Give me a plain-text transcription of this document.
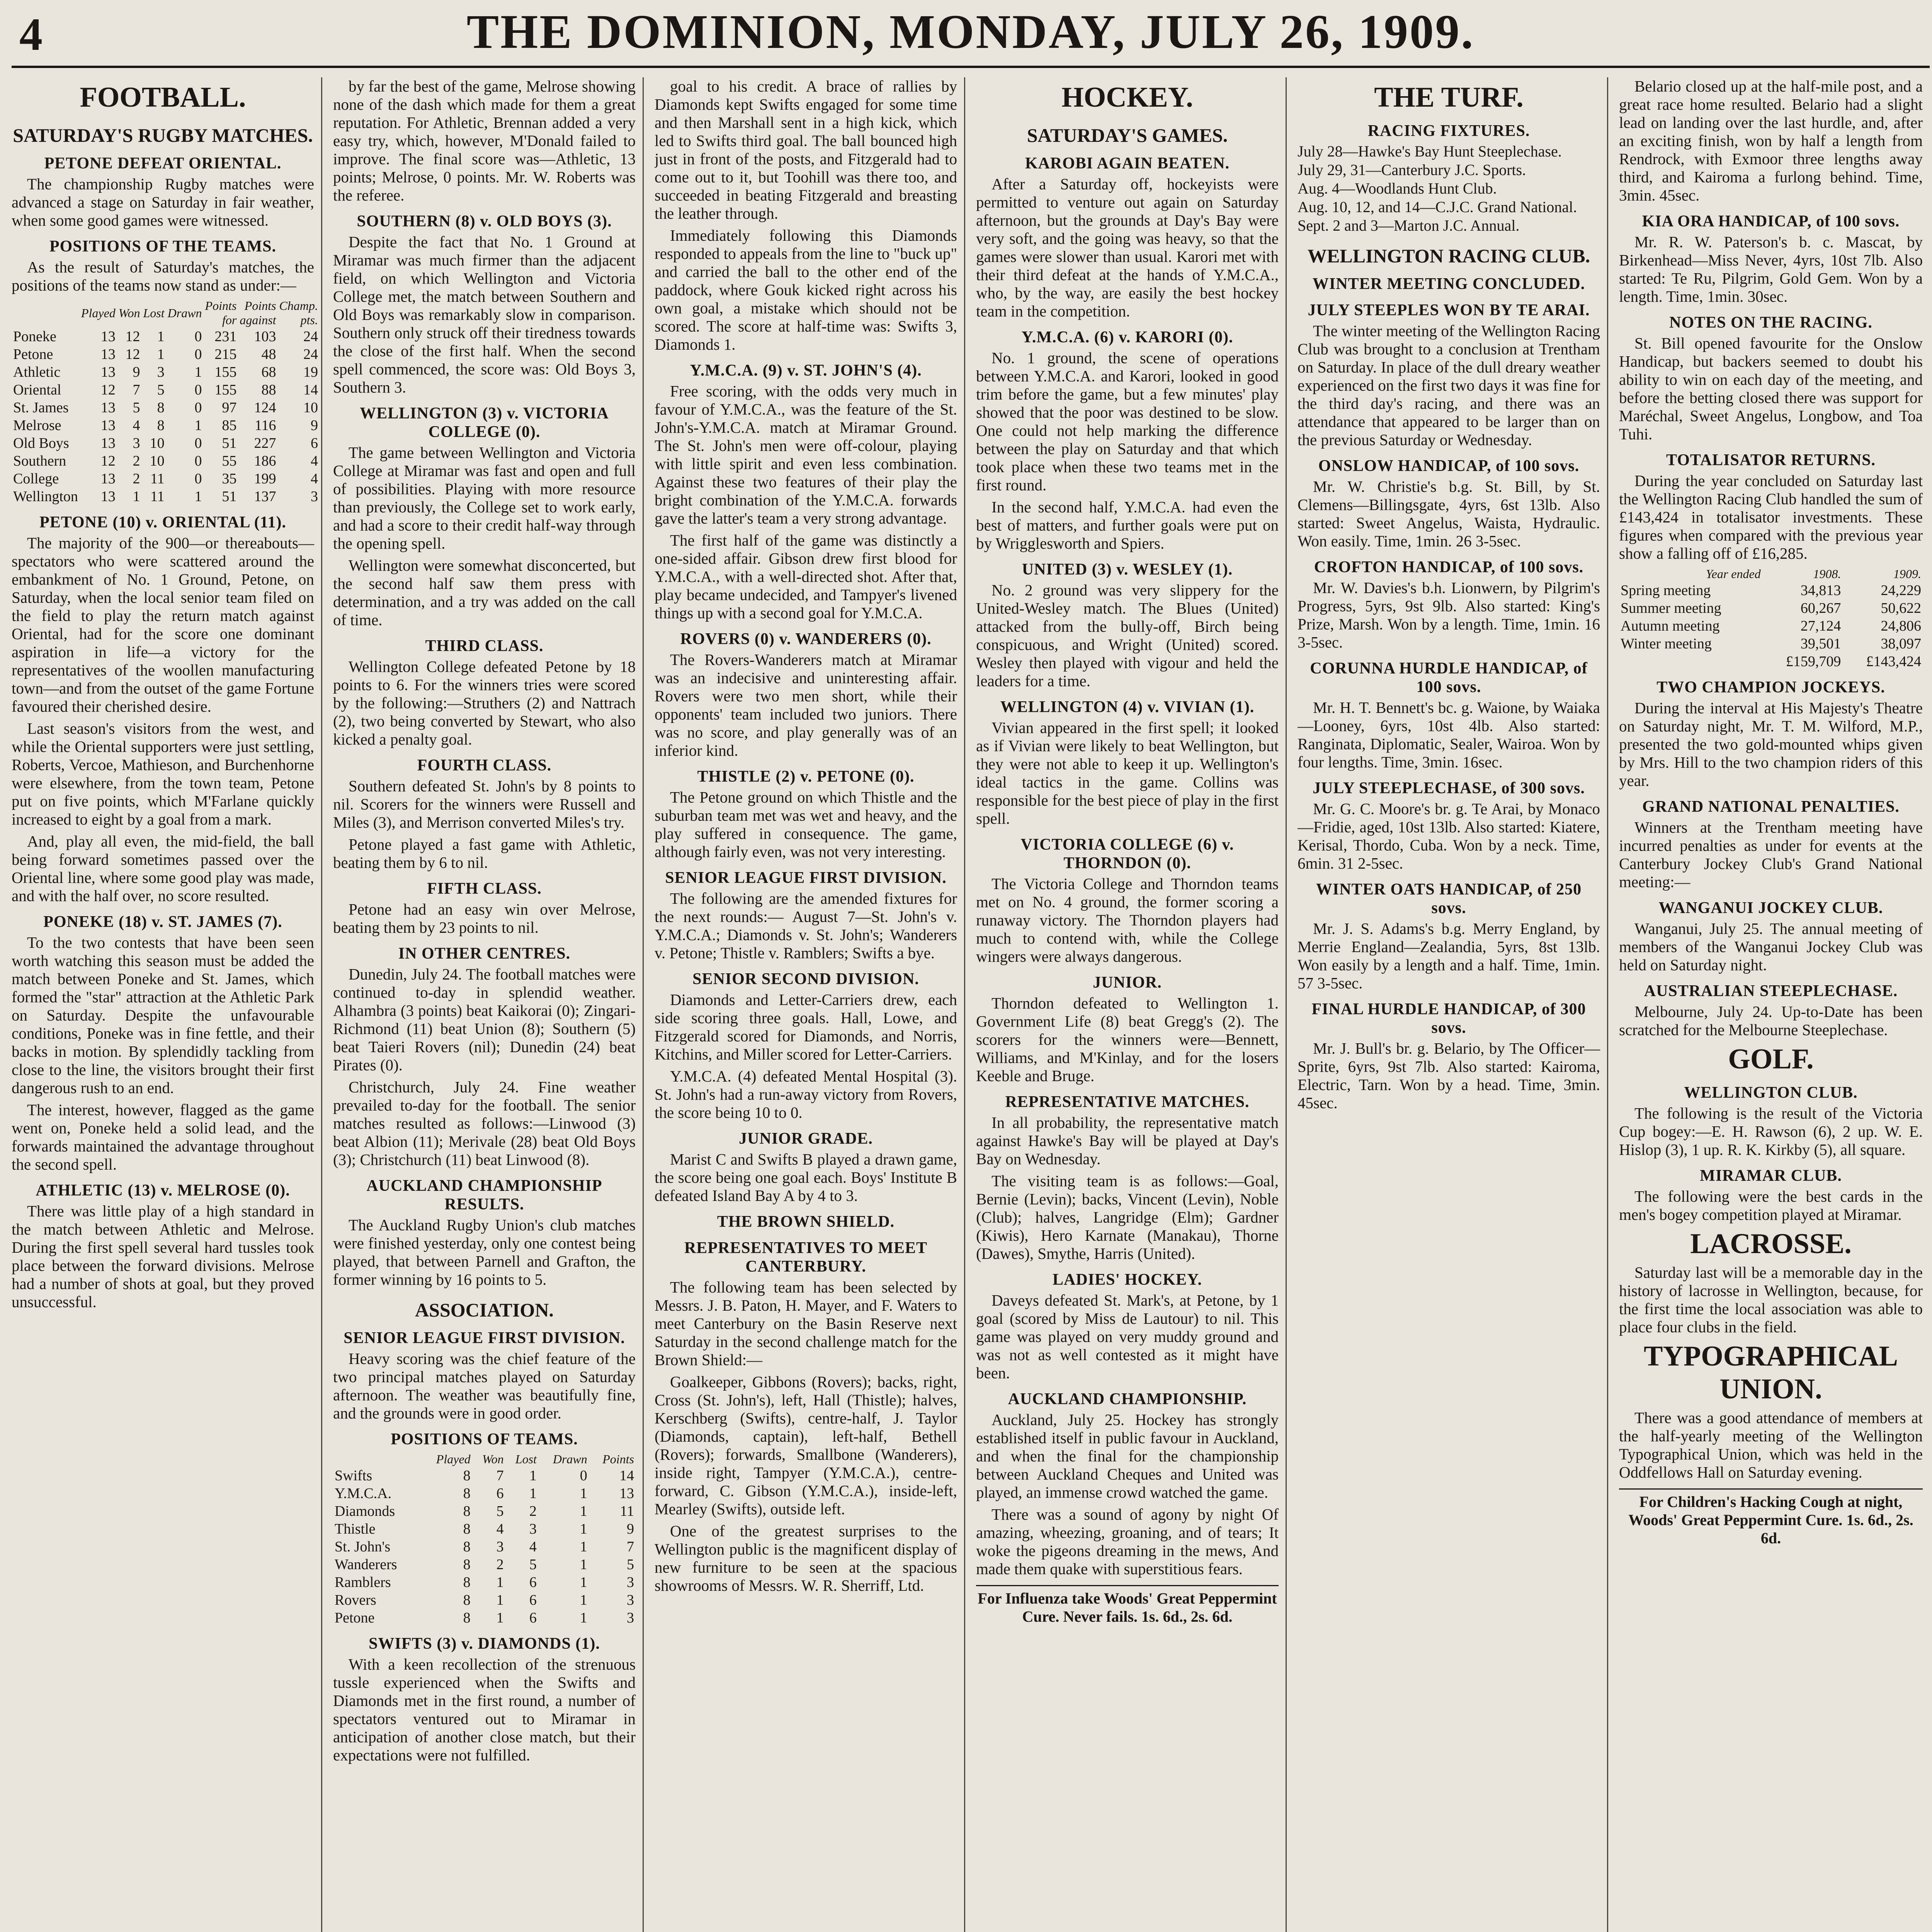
4	THE DOMINION, MONDAY, JULY 26, 1909.
FOOTBALL.
SATURDAY'S RUGBY MATCHES.
PETONE DEFEAT ORIENTAL.

The championship Rugby matches were advanced a stage on Saturday in fair weather, when some good games were witnessed.

POSITIONS OF THE TEAMS.

As the result of Saturday's matches, the positions of the teams now stand as under:—

	Played	Won	Lost	Drawn	Points for	Points against	Champ. pts.
Poneke	13	12	1	0	231	103	24
Petone	13	12	1	0	215	48	24
Athletic	13	9	3	1	155	68	19
Oriental	12	7	5	0	155	88	14
St. James	13	5	8	0	97	124	10
Melrose	13	4	8	1	85	116	9
Old Boys	13	3	10	0	51	227	6
Southern	12	2	10	0	55	186	4
College	13	2	11	0	35	199	4
Wellington	13	1	11	1	51	137	3
PETONE (10) v. ORIENTAL (11).

The majority of the 900—or thereabouts—spectators who were scattered around the embankment of No. 1 Ground, Petone, on Saturday, when the local senior team filed on the field to play the return match against Oriental, had for the score one dominant aspiration in life—a victory for the representatives of the woollen manufacturing town—and from the outset of the game Fortune favoured their cherished desire.

Last season's visitors from the west, and while the Oriental supporters were just settling, Roberts, Vercoe, Mathieson, and Burchenhorne were elsewhere, from the town team, Petone put on five points, which M'Farlane quickly increased to eight by a goal from a mark.

And, play all even, the mid-field, the ball being forward sometimes passed over the Oriental line, where some good play was made, and with the half over, no score resulted.

PONEKE (18) v. ST. JAMES (7).

To the two contests that have been seen worth watching this season must be added the match between Poneke and St. James, which formed the "star" attraction at the Athletic Park on Saturday. Despite the unfavourable conditions, Poneke was in fine fettle, and their backs in motion. By splendidly tackling from close to the line, the visitors brought their first dangerous rush to an end.

The interest, however, flagged as the game went on, Poneke held a solid lead, and the forwards maintained the advantage throughout the second spell.

ATHLETIC (13) v. MELROSE (0).

There was little play of a high standard in the match between Athletic and Melrose. During the first spell several hard tussles took place between the forward divisions. Melrose had a number of shots at goal, but they proved unsuccessful.

by far the best of the game, Melrose showing none of the dash which made for them a great reputation. For Athletic, Brennan added a very easy try, which, however, M'Donald failed to improve. The final score was—Athletic, 13 points; Melrose, 0 points. Mr. W. Roberts was the referee.

SOUTHERN (8) v. OLD BOYS (3).

Despite the fact that No. 1 Ground at Miramar was much firmer than the adjacent field, on which Wellington and Victoria College met, the match between Southern and Old Boys was remarkably slow in comparison. Southern only struck off their tiredness towards the close of the first half. When the second spell commenced, the score was: Old Boys 3, Southern 3.

WELLINGTON (3) v. VICTORIA COLLEGE (0).

The game between Wellington and Victoria College at Miramar was fast and open and full of possibilities. Playing with more resource than previously, the College set to work early, and had a score to their credit half-way through the opening spell.

Wellington were somewhat disconcerted, but the second half saw them press with determination, and a try was added on the call of time.

THIRD CLASS.

Wellington College defeated Petone by 18 points to 6. For the winners tries were scored by the following:—Struthers (2) and Nattrach (2), two being converted by Stewart, who also kicked a penalty goal.

FOURTH CLASS.

Southern defeated St. John's by 8 points to nil. Scorers for the winners were Russell and Miles (3), and Merrison converted Miles's try.

Petone played a fast game with Athletic, beating them by 6 to nil.

FIFTH CLASS.

Petone had an easy win over Melrose, beating them by 23 points to nil.

IN OTHER CENTRES.

Dunedin, July 24. The football matches were continued to-day in splendid weather. Alhambra (3 points) beat Kaikorai (0); Zingari-Richmond (11) beat Union (8); Southern (5) beat Taieri Rovers (nil); Dunedin (24) beat Pirates (0).

Christchurch, July 24. Fine weather prevailed to-day for the football. The senior matches resulted as follows:—Linwood (3) beat Albion (11); Merivale (28) beat Old Boys (3); Christchurch (11) beat Linwood (8).

AUCKLAND CHAMPIONSHIP RESULTS.

The Auckland Rugby Union's club matches were finished yesterday, only one contest being played, that between Parnell and Grafton, the former winning by 16 points to 5.

ASSOCIATION.
SENIOR LEAGUE FIRST DIVISION.

Heavy scoring was the chief feature of the two principal matches played on Saturday afternoon. The weather was beautifully fine, and the grounds were in good order.

POSITIONS OF TEAMS.
	Played	Won	Lost	Drawn	Points
Swifts	8	7	1	0	14
Y.M.C.A.	8	6	1	1	13
Diamonds	8	5	2	1	11
Thistle	8	4	3	1	9
St. John's	8	3	4	1	7
Wanderers	8	2	5	1	5
Ramblers	8	1	6	1	3
Rovers	8	1	6	1	3
Petone	8	1	6	1	3
SWIFTS (3) v. DIAMONDS (1).

With a keen recollection of the strenuous tussle experienced when the Swifts and Diamonds met in the first round, a number of spectators ventured out to Miramar in anticipation of another close match, but their expectations were not fulfilled.

goal to his credit. A brace of rallies by Diamonds kept Swifts engaged for some time and then Marshall sent in a high kick, which led to Swifts third goal. The ball bounced high just in front of the posts, and Fitzgerald had to come out to it, but Toohill was there too, and succeeded in beating Fitzgerald and breasting the leather through.

Immediately following this Diamonds responded to appeals from the line to "buck up" and carried the ball to the other end of the paddock, where Gouk kicked right across his own goal, a mistake which should not be scored. The score at half-time was: Swifts 3, Diamonds 1.

Y.M.C.A. (9) v. ST. JOHN'S (4).

Free scoring, with the odds very much in favour of Y.M.C.A., was the feature of the St. John's-Y.M.C.A. match at Miramar Ground. The St. John's men were off-colour, playing with little spirit and even less combination. Against these two features of their play the bright combination of the Y.M.C.A. forwards gave the latter's team a very strong advantage.

The first half of the game was distinctly a one-sided affair. Gibson drew first blood for Y.M.C.A., with a well-directed shot. After that, play became undecided, and Tampyer's livened things up with a second goal for Y.M.C.A.

ROVERS (0) v. WANDERERS (0).

The Rovers-Wanderers match at Miramar was an indecisive and uninteresting affair. Rovers were two men short, while their opponents' team included two juniors. There was no score, and play generally was of an inferior kind.

THISTLE (2) v. PETONE (0).

The Petone ground on which Thistle and the suburban team met was wet and heavy, and the play suffered in consequence. The game, although fairly even, was not very interesting.

SENIOR LEAGUE FIRST DIVISION.

The following are the amended fixtures for the next rounds:— August 7—St. John's v. Y.M.C.A.; Diamonds v. St. John's; Wanderers v. Petone; Thistle v. Ramblers; Swifts a bye.

SENIOR SECOND DIVISION.

Diamonds and Letter-Carriers drew, each side scoring three goals. Hall, Lowe, and Fitzgerald scored for Diamonds, and Norris, Kitchins, and Miller scored for Letter-Carriers.

Y.M.C.A. (4) defeated Mental Hospital (3). St. John's had a run-away victory from Rovers, the score being 10 to 0.

JUNIOR GRADE.

Marist C and Swifts B played a drawn game, the score being one goal each. Boys' Institute B defeated Island Bay A by 4 to 3.

THE BROWN SHIELD.
REPRESENTATIVES TO MEET CANTERBURY.

The following team has been selected by Messrs. J. B. Paton, H. Mayer, and F. Waters to meet Canterbury on the Basin Reserve next Saturday in the second challenge match for the Brown Shield:—

Goalkeeper, Gibbons (Rovers); backs, right, Cross (St. John's), left, Hall (Thistle); halves, Kerschberg (Swifts), centre-half, J. Taylor (Diamonds, captain), left-half, Bethell (Rovers); forwards, Smallbone (Wanderers), inside right, Tampyer (Y.M.C.A.), centre-forward, C. Gibson (Y.M.C.A.), inside-left, Mearley (Swifts), outside left.

One of the greatest surprises to the Wellington public is the magnificent display of new furniture to be seen at the spacious showrooms of Messrs. W. R. Sherriff, Ltd.

HOCKEY.
SATURDAY'S GAMES.
KAROBI AGAIN BEATEN.

After a Saturday off, hockeyists were permitted to venture out again on Saturday afternoon, but the grounds at Day's Bay were very soft, and the going was heavy, so that the games were slower than usual. Karori met with their third defeat at the hands of Y.M.C.A., who, by the way, are easily the best hockey team in the competition.

Y.M.C.A. (6) v. KARORI (0).

No. 1 ground, the scene of operations between Y.M.C.A. and Karori, looked in good trim before the game, but a few minutes' play showed that the poor was destined to be slow. One could not help marking the difference between the play on Saturday and that which took place when these two teams met in the first round.

In the second half, Y.M.C.A. had even the best of matters, and further goals were put on by Wrigglesworth and Spiers.

UNITED (3) v. WESLEY (1).

No. 2 ground was very slippery for the United-Wesley match. The Blues (United) attacked from the bully-off, Birch being conspicuous, and Wright (United) scored. Wesley then played with vigour and held the leaders for a time.

WELLINGTON (4) v. VIVIAN (1).

Vivian appeared in the first spell; it looked as if Vivian were likely to beat Wellington, but they were not able to keep it up. Wellington's ideal tactics in the game. Collins was responsible for the best piece of play in the first spell.

VICTORIA COLLEGE (6) v. THORNDON (0).

The Victoria College and Thorndon teams met on No. 4 ground, the former scoring a runaway victory. The Thorndon players had much to contend with, while the College wingers were always dangerous.

JUNIOR.

Thorndon defeated to Wellington 1. Government Life (8) beat Gregg's (2). The scorers for the winners were—Bennett, Williams, and M'Kinlay, and for the losers Keeble and Bruge.

REPRESENTATIVE MATCHES.

In all probability, the representative match against Hawke's Bay will be played at Day's Bay on Wednesday.

The visiting team is as follows:—Goal, Bernie (Levin); backs, Vincent (Levin), Noble (Club); halves, Langridge (Elm); Gardner (Kiwis), Hero Karnate (Manakau), Thorne (Dawes), Smythe, Harris (United).

LADIES' HOCKEY.

Daveys defeated St. Mark's, at Petone, by 1 goal (scored by Miss de Lautour) to nil. This game was played on very muddy ground and was not as well contested as it might have been.

AUCKLAND CHAMPIONSHIP.

Auckland, July 25. Hockey has strongly established itself in public favour in Auckland, and when the final for the championship between Auckland Cheques and United was played, an immense crowd watched the game.

There was a sound of agony by night Of amazing, wheezing, groaning, and of tears; It woke the pigeons dreaming in the mews, And made them quake with superstitious fears.

For Influenza take Woods' Great Peppermint Cure. Never fails. 1s. 6d., 2s. 6d.
THE TURF.
RACING FIXTURES.
July 28—Hawke's Bay Hunt Steeplechase.
July 29, 31—Canterbury J.C. Sports.
Aug. 4—Woodlands Hunt Club.
Aug. 10, 12, and 14—C.J.C. Grand National.
Sept. 2 and 3—Marton J.C. Annual.
WELLINGTON RACING CLUB.
WINTER MEETING CONCLUDED.
JULY STEEPLES WON BY TE ARAI.

The winter meeting of the Wellington Racing Club was brought to a conclusion at Trentham on Saturday. In place of the dull dreary weather experienced on the first two days it was fine for the third day's racing, and there was an attendance that appeared to be larger than on the previous Saturday or Wednesday.

ONSLOW HANDICAP, of 100 sovs.

Mr. W. Christie's b.g. St. Bill, by St. Clemens—Billingsgate, 4yrs, 6st 13lb. Also started: Sweet Angelus, Waista, Hydraulic. Won easily. Time, 1min. 26 3-5sec.

CROFTON HANDICAP, of 100 sovs.

Mr. W. Davies's b.h. Lionwern, by Pilgrim's Progress, 5yrs, 9st 9lb. Also started: King's Prize, Marsh. Won by a length. Time, 1min. 16 3-5sec.

CORUNNA HURDLE HANDICAP, of 100 sovs.

Mr. H. T. Bennett's bc. g. Waione, by Waiaka—Looney, 6yrs, 10st 4lb. Also started: Ranginata, Diplomatic, Sealer, Wairoa. Won by four lengths. Time, 3min. 16sec.

JULY STEEPLECHASE, of 300 sovs.

Mr. G. C. Moore's br. g. Te Arai, by Monaco—Fridie, aged, 10st 13lb. Also started: Kiatere, Kerisal, Thordo, Cuba. Won by a neck. Time, 6min. 31 2-5sec.

WINTER OATS HANDICAP, of 250 sovs.

Mr. J. S. Adams's b.g. Merry England, by Merrie England—Zealandia, 5yrs, 8st 13lb. Won easily by a length and a half. Time, 1min. 57 3-5sec.

FINAL HURDLE HANDICAP, of 300 sovs.

Mr. J. Bull's br. g. Belario, by The Officer—Sprite, 6yrs, 9st 7lb. Also started: Kairoma, Electric, Tarn. Won by a head. Time, 3min. 45sec.

Belario closed up at the half-mile post, and a great race home resulted. Belario had a slight lead on landing over the last hurdle, and, after an exciting finish, won by half a length from Rendrock, with Exmoor three lengths away third, and Kairoma a furlong behind. Time, 3min. 45sec.

KIA ORA HANDICAP, of 100 sovs.

Mr. R. W. Paterson's b. c. Mascat, by Birkenhead—Miss Never, 4yrs, 10st 7lb. Also started: Te Ru, Pilgrim, Gold Gem. Won by a length. Time, 1min. 30sec.

NOTES ON THE RACING.

St. Bill opened favourite for the Onslow Handicap, but backers seemed to doubt his ability to win on each day of the meeting, and before the betting closed there was support for Maréchal, Sweet Angelus, Longbow, and Toa Tuhi.

TOTALISATOR RETURNS.

During the year concluded on Saturday last the Wellington Racing Club handled the sum of £143,424 in totalisator investments. These figures when compared with the previous year show a falling off of £16,285.

Year ended	1908.	1909.
Spring meeting	34,813	24,229
Summer meeting	60,267	50,622
Autumn meeting	27,124	24,806
Winter meeting	39,501	38,097
	£159,709	£143,424
TWO CHAMPION JOCKEYS.

During the interval at His Majesty's Theatre on Saturday night, Mr. T. M. Wilford, M.P., presented the two gold-mounted whips given by Mrs. Hill to the two champion riders of this year.

GRAND NATIONAL PENALTIES.

Winners at the Trentham meeting have incurred penalties as under for events at the Canterbury Jockey Club's Grand National meeting:—

WANGANUI JOCKEY CLUB.

Wanganui, July 25. The annual meeting of members of the Wanganui Jockey Club was held on Saturday night.

AUSTRALIAN STEEPLECHASE.

Melbourne, July 24. Up-to-Date has been scratched for the Melbourne Steeplechase.

GOLF.
WELLINGTON CLUB.

The following is the result of the Victoria Cup bogey:—E. H. Rawson (6), 2 up. W. E. Hislop (3), 1 up. R. K. Kirkby (5), all square.

MIRAMAR CLUB.

The following were the best cards in the men's bogey competition played at Miramar.

LACROSSE.

Saturday last will be a memorable day in the history of lacrosse in Wellington, because, for the first time the local association was able to place four clubs in the field.

TYPOGRAPHICAL UNION.

There was a good attendance of members at the half-yearly meeting of the Wellington Typographical Union, which was held in the Oddfellows Hall on Saturday evening.

For Children's Hacking Cough at night, Woods' Great Peppermint Cure. 1s. 6d., 2s. 6d.
